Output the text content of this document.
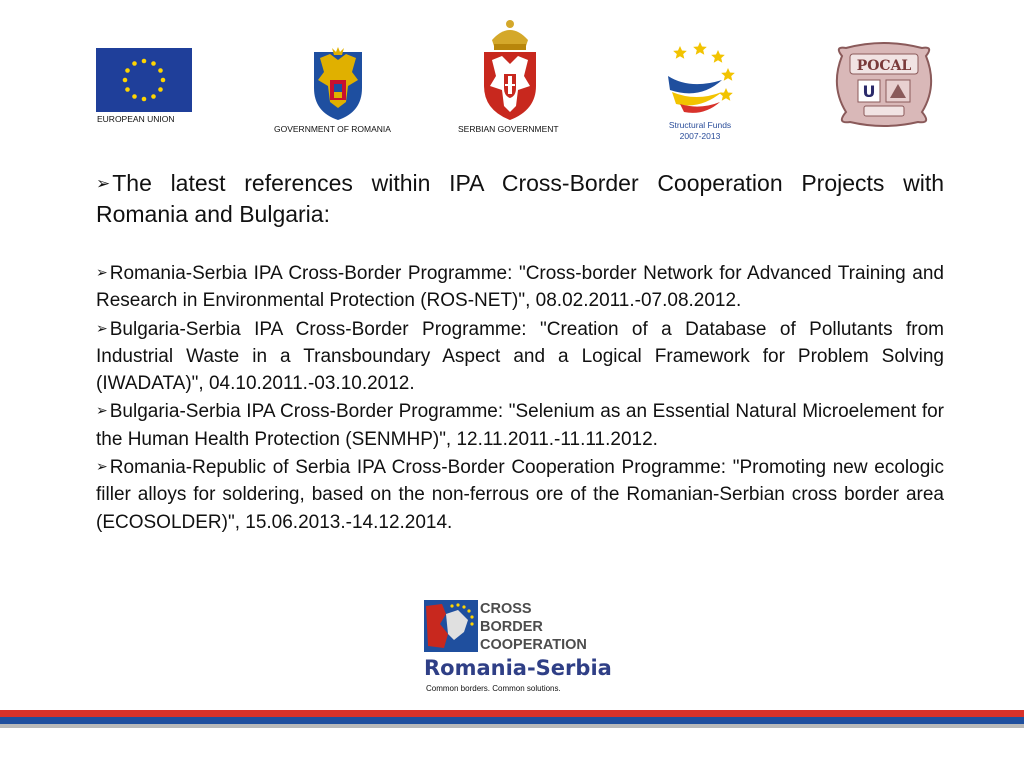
EUROPEAN UNION
GOVERNMENT OF ROMANIA	SERBIAN GOVERNMENT	Structural Funds
2007-2013
POCAL
U

➢The latest references within IPA Cross-Border Cooperation Projects with Romania and Bulgaria:

➢ Romania-Serbia IPA Cross-Border Programme: "Cross-border Network for Advanced Training and Research in Environmental Protection (ROS-NET)", 08.02.2011.-07.08.2012.

➢ Bulgaria-Serbia IPA Cross-Border Programme: "Creation of a Database of Pollutants from Industrial Waste in a Transboundary Aspect and a Logical Framework for Problem Solving (IWADATA)", 04.10.2011.-03.10.2012.

➢ Bulgaria-Serbia IPA Cross-Border Programme: "Selenium as an Essential Natural Microelement for the Human Health Protection (SENMHP)", 12.11.2011.-11.11.2012.

➢ Romania-Republic of Serbia IPA Cross-Border Cooperation Programme: "Promoting new ecologic filler alloys for soldering, based on the non-ferrous ore of the Romanian-Serbian cross border area (ECOSOLDER)", 15.06.2013.-14.12.2014.

CROSS
BORDER
COOPERATION
Romania-Serbia
Common borders. Common solutions.
